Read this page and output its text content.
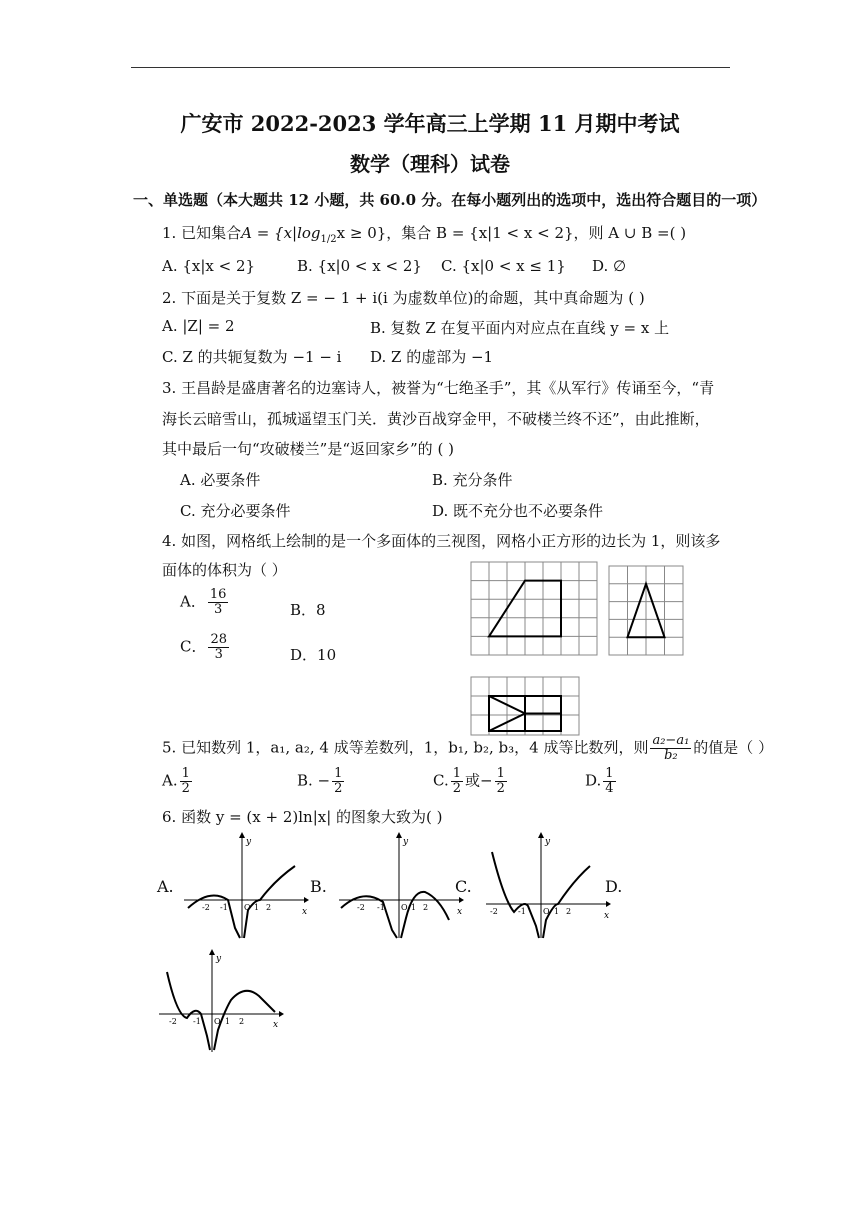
广安市 2022-2023 学年高三上学期 11 月期中考试
数学（理科）试卷
一、单选题（本大题共 12 小题，共 60.0 分。在每小题列出的选项中，选出符合题目的一项）
1. 已知集合$A = \{x|\log_{1/2}x \ge 0\}$，集合 B = {x|1 < x < 2}，则 A ∪ B =( )
A. {x|x < 2}	B. {x|0 < x < 2} C. {x|0 < x ≤ 1} D. ∅
2. 下面是关于复数 Z = − 1 + i(i 为虚数单位)的命题，其中真命题为 ( )
A. |Z| = 2	B. 复数 Z 在复平面内对应点在直线 y = x 上
C. Z 的共轭复数为 −1 − i D. Z 的虚部为 −1
3. 王昌龄是盛唐著名的边塞诗人，被誉为“七绝圣手”，其《从军行》传诵至今，“青
海长云暗雪山，孤城遥望玉门关．黄沙百战穿金甲，不破楼兰终不还”，由此推断，
其中最后一句“攻破楼兰”是“返回家乡”的 ( )
A. 必要条件	B. 充分条件
C. 充分必要条件	D. 既不充分也不必要条件
4. 如图，网格纸上绘制的是一个多面体的三视图，网格小正方形的边长为 1，则该多
面体的体积为（ ）
A． $\frac{16}{3}$	B．8
C． $\frac{28}{3}$	D．10
5. 已知数列 1，a₁, a₂, 4 成等差数列，1，b₁, b₂, b₃，4 成等比数列，则 $\frac{\text{a₂−a₁}}{\text{b₂}}$ 的值是（ ）
A. $\frac{1}{2}$	B. − $\frac{1}{2}$	C. $\frac{1}{2}$ 或− $\frac{1}{2}$	D. $\frac{1}{4}$
6. 函数 y = (x + 2)ln|x| 的图象大致为( )
A.	B.	C.	D.
y
x
-2 -1 O 1 2
y
x
-2 -1 O 1 2
y
x
-2	-1 O 1 2
y
x
-2 -1 O 1 2
